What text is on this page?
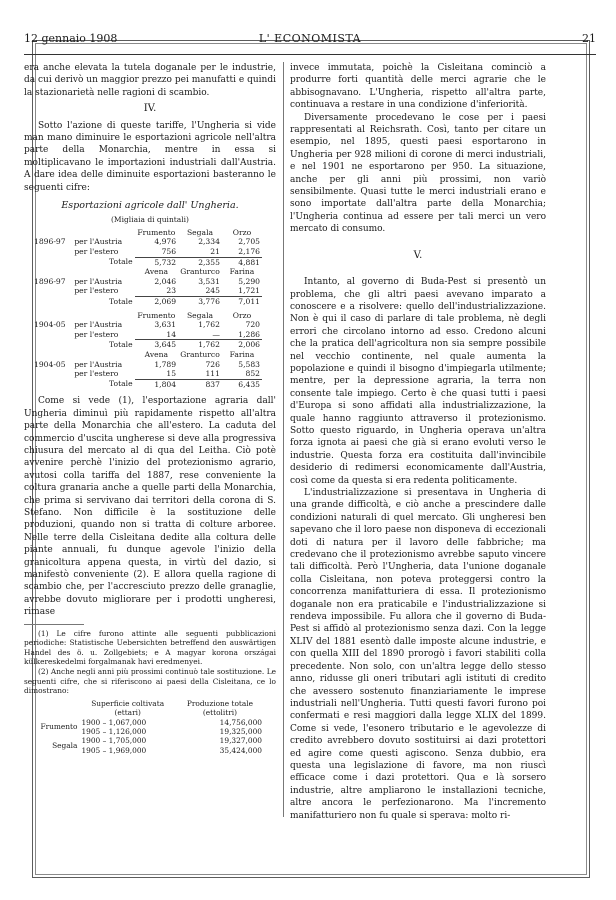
12 gennaio 1908	L' ECONOMISTA	21

era anche elevata la tutela doganale per le industrie, da cui derivò un maggior prezzo pei manufatti e quindi la stazionarietà nelle ragioni di scambio.

IV.

Sotto l'azione di queste tariffe, l'Ungheria si vide man mano diminuire le esportazioni agricole nell'altra parte della Monarchia, mentre in essa si moltiplicavano le importazioni industriali dall'Austria. A dare idea delle diminuite esportazioni basteranno le seguenti cifre:

Esportazioni agricole dall' Ungheria.
(Migliaia di quintali)
		Frumento	Segala	Orzo
1896-97	per l'Austria	4,976	2,334	2,705
	per l'estero	756	21	2,176
	Totale	5,732	2,355	4,881
		Avena	Granturco	Farina
1896-97	per l'Austria	2,046	3,531	5,290
	per l'estero	23	245	1,721
	Totale	2,069	3,776	7,011

		Frumento	Segala	Orzo
1904-05	per l'Austria	3,631	1,762	720
	per l'estero	14	—	1,286
	Totale	3,645	1,762	2,006
		Avena	Granturco	Farina
1904-05	per l'Austria	1,789	726	5,583
	per l'estero	15	111	852
	Totale	1,804	837	6,435

Come si vede (1), l'esportazione agraria dall' Ungheria diminuì più rapidamente rispetto all'altra parte della Monarchia che all'estero. La caduta del commercio d'uscita ungherese si deve alla progressiva chiusura del mercato al di qua del Leitha. Ciò potè avvenire perchè l'inizio del protezionismo agrario, avutosi colla tariffa del 1887, rese conveniente la coltura granaria anche a quelle parti della Monarchia, che prima si servivano dai territori della corona di S. Stefano. Non difficile è la sostituzione delle produzioni, quando non si tratta di colture arboree. Nelle terre della Cisleitana dedite alla coltura delle piante annuali, fu dunque agevole l'inizio della granicoltura appena questa, in virtù del dazio, si manifestò conveniente (2). E allora quella ragione di scambio che, per l'accresciuto prezzo delle granaglie, avrebbe dovuto migliorare per i prodotti ungheresi, rimase

(1) Le cifre furono attinte alle seguenti pubblicazioni periodiche: Statistische Uebersichten betreffend den auswärtigen Handel des ö. u. Zollgebiets; e A magyar korona országai külkereskedelmi forgalmanak havi eredmenyei.

(2) Anche negli anni più prossimi continuò tale sostituzione. Le seguenti cifre, che si riferiscono ai paesi della Cisleitana, ce lo dimostrano:

	Superficie coltivata	Produzione totale
	(ettari)	(ettolitri)
Frumento	1900 – 1,067,000	14,756,000
	1905 – 1,126,000	19,325,000
Segala	1900 – 1,705,000	19,327,000
	1905 – 1,969,000	35,424,000

invece immutata, poichè la Cisleitana cominciò a produrre forti quantità delle merci agrarie che le abbisognavano. L'Ungheria, rispetto all'altra parte, continuava a restare in una condizione d'inferiorità.

Diversamente procedevano le cose per i paesi rappresentati al Reichsrath. Così, tanto per citare un esempio, nel 1895, questi paesi esportarono in Ungheria per 928 milioni di corone di merci industriali, e nel 1901 ne esportarono per 950. La situazione, anche per gli anni più prossimi, non variò sensibilmente. Quasi tutte le merci industriali erano e sono importate dall'altra parte della Monarchia; l'Ungheria continua ad essere per tali merci un vero mercato di consumo.

V.

Intanto, al governo di Buda-Pest si presentò un problema, che gli altri paesi avevano imparato a conoscere e a risolvere: quello dell'industrializzazione. Non è qui il caso di parlare di tale problema, nè degli errori che circolano intorno ad esso. Credono alcuni che la pratica dell'agricoltura non sia sempre possibile nel vecchio continente, nel quale aumenta la popolazione e quindi il bisogno d'impiegarla utilmente; mentre, per la depressione agraria, la terra non consente tale impiego. Certo è che quasi tutti i paesi d'Europa si sono affidati alla industrializzazione, la quale hanno raggiunto attraverso il protezionismo. Sotto questo riguardo, in Ungheria operava un'altra forza ignota ai paesi che già si erano evoluti verso le industrie. Questa forza era costituita dall'invincibile desiderio di redimersi economicamente dall'Austria, così come da questa si era redenta politicamente.

L'industrializzazione si presentava in Ungheria di una grande difficoltà, e ciò anche a prescindere dalle condizioni naturali di quel mercato. Gli ungheresi ben sapevano che il loro paese non disponeva di eccezionali doti di natura per il lavoro delle fabbriche; ma credevano che il protezionismo avrebbe saputo vincere tali difficoltà. Però l'Ungheria, data l'unione doganale colla Cisleitana, non poteva proteggersi contro la concorrenza manifatturiera di essa. Il protezionismo doganale non era praticabile e l'industrializzazione si rendeva impossibile. Fu allora che il governo di Buda-Pest si affidò al protezionismo senza dazi. Con la legge XLIV del 1881 esentò dalle imposte alcune industrie, e con quella XIII del 1890 prorogò i favori stabiliti colla precedente. Non solo, con un'altra legge dello stesso anno, ridusse gli oneri tributari agli istituti di credito che avessero sostenuto finanziariamente le imprese industriali nell'Ungheria. Tutti questi favori furono poi confermati e resi maggiori dalla legge XLIX del 1899. Come si vede, l'esonero tributario e le agevolezze di credito avrebbero dovuto sostituirsi ai dazi protettori ed agire come questi agiscono. Senza dubbio, era questa una legislazione di favore, ma non riuscì efficace come i dazi protettori. Qua e là sorsero industrie, altre ampliarono le installazioni tecniche, altre ancora le perfezionarono. Ma l'incremento manifatturiero non fu quale si sperava: molto ri-
